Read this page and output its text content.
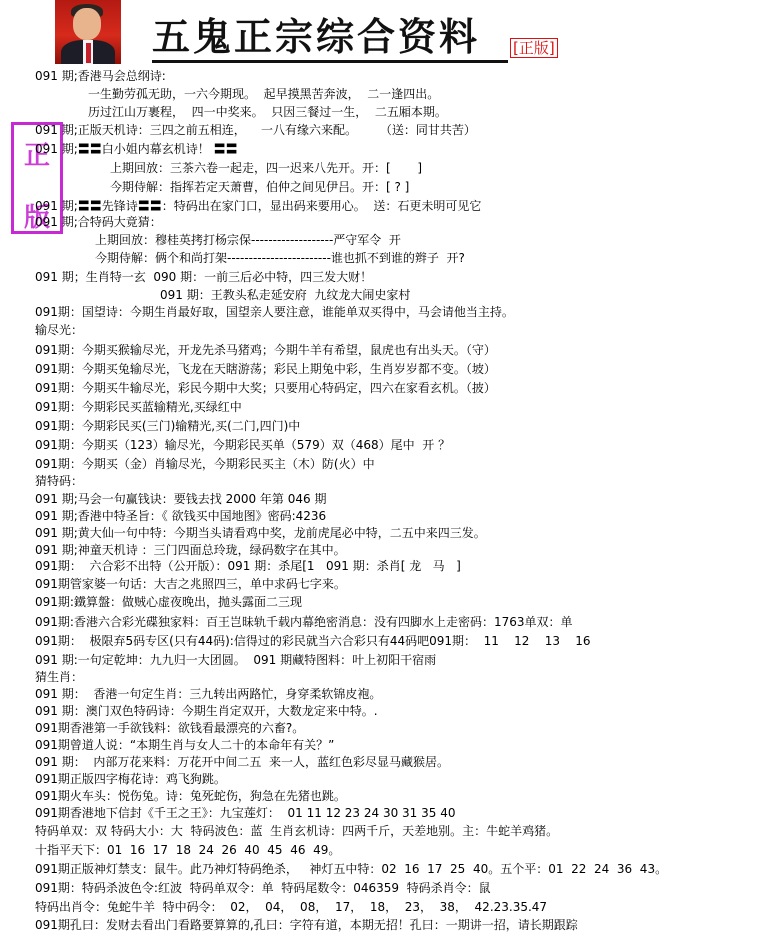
五鬼正宗综合资料 [正版]
正
版
091 期;香港马会总纲诗:
一生勤劳孤无助，一六今期现。  起早摸黑苦奔波，  二一逢四出。
历过江山万裹程，  四一中奖来。  只因三餐过一生，  二五厢本期。
091 期;正版天机诗：三四之前五相连，    一八有缘六来配。      （送：同甘共苦）
091 期;〓〓白小姐内幕玄机诗！ 〓〓
上期回放：三茶六卷一起走，四一迟来八先开。开：[       ]
今期侍解：指挥若定天萧曹，伯仲之间见伊吕。开：[ ? ]
091 期;〓〓先锋诗〓〓：特码出在家门口，显出码来要用心。  送：石更未明可见它
091 期;合特码大竟猜：
上期回放：穆桂英拷打杨宗保-------------------严守军令  开
今期侍解：俩个和尚打架------------------------谁也抓不到谁的辫子  开?
091 期；生肖特一玄  090 期：一前三后必中特，四三发大财！
091 期：王教头私走延安府  九纹龙大闹史家村
091期：国望诗：今期生肖最好取，国望亲人要注意，谁能单双买得中，马会请他当主持。
输尽光：
091期：今期买猴输尽光，开龙先杀马猪鸡；今期牛羊有希望，鼠虎也有出头天。（守）
091期：今期买兔输尽光，飞龙在天瞎游荡；彩民上期兔中彩，生肖岁岁都不变。（坡）
091期：今期买牛输尽光，彩民今期中大奖；只要用心特码定，四六在家看玄机。（披）
091期：今期彩民买蓝输精光,买绿红中
091期：今期彩民买(三门)输精光,买(二门,四门)中
091期：今期买（123）输尽光，今期彩民买单（579）双（468）尾中  开 ？
091期：今期买（金）肖输尽光，今期彩民买主（木）防(火）中
猜特码：
091 期;马会一句赢钱诀：要钱去找 2000 年第 046 期
091 期;香港中特圣旨：《 欲钱买中国地图》密码:4236
091 期;黄大仙一句中特：今期当头请看鸡中奖，龙前虎尾必中特，二五中来四三发。
091 期;神童天机诗 ：三门四面总玲珑，绿码数字在其中。
091期：  六合彩不出特（公开版）：091 期：杀尾[1   091 期：杀肖[ 龙   马   ]
091期管家婆一句话：大吉之兆照四三，单中求码七字来。
091期:鐵算盤：做贼心虚夜晚出，抛头露面二三现
091期:香港六合彩光碟独家料：百王岂昧轨千载内幕绝密消息：没有四脚水上走密码：1763单双：单
091期：  极限弃5码专区(只有44码):信得过的彩民就当六合彩只有44码吧091期：  11    12    13    16
091 期:一句定乾坤：九九归一大团圆。  091 期藏特图料：叶上初阳干宿雨
猜生肖：
091 期：  香港一句定生肖：三九转出两路忙，身穿柔软锦皮袍。
091 期：澳门双色特码诗：今期生肖定双开，大数龙定来中特。.
091期香港第一手欲钱料：欲钱看最漂亮的六畜?。
091期曾道人说：“本期生肖与女人二十的本命年有关？”
091 期：  内部万花来料：万花开中间二五  来一人，蓝红色彩尽显马藏猴居。
091期正版四字梅花诗：鸡飞狗跳。
091期火车头：悦伤兔。诗：兔死蛇伤，狗急在先猪也跳。
091期香港地下信封《千王之王》：九宝莲灯：  01 11 12 23 24 30 31 35 40
特码单双：双 特码大小：大  特码波色：蓝  生肖玄机诗：四两千斤，天差地别。主：牛蛇羊鸡猪。
十指平天下：01  16  17  18  24  26  40  45  46  49。
091期正版神灯禁支：鼠牛。此乃神灯特码绝杀，   神灯五中特：02  16  17  25  40。五个平：01  22  24  36  43。
091期：特码杀波色令:红波  特码单双令：单  特码尾数令：046359  特码杀肖令：鼠
特码出肖令：兔蛇牛羊  特中码令：  02，  04，  08，  17，  18，  23，  38，  42.23.35.47
091期孔曰：发财去看出门看路要算算的,孔曰：字符有道，本期无招！孔曰：一期讲一招，请长期跟踪
